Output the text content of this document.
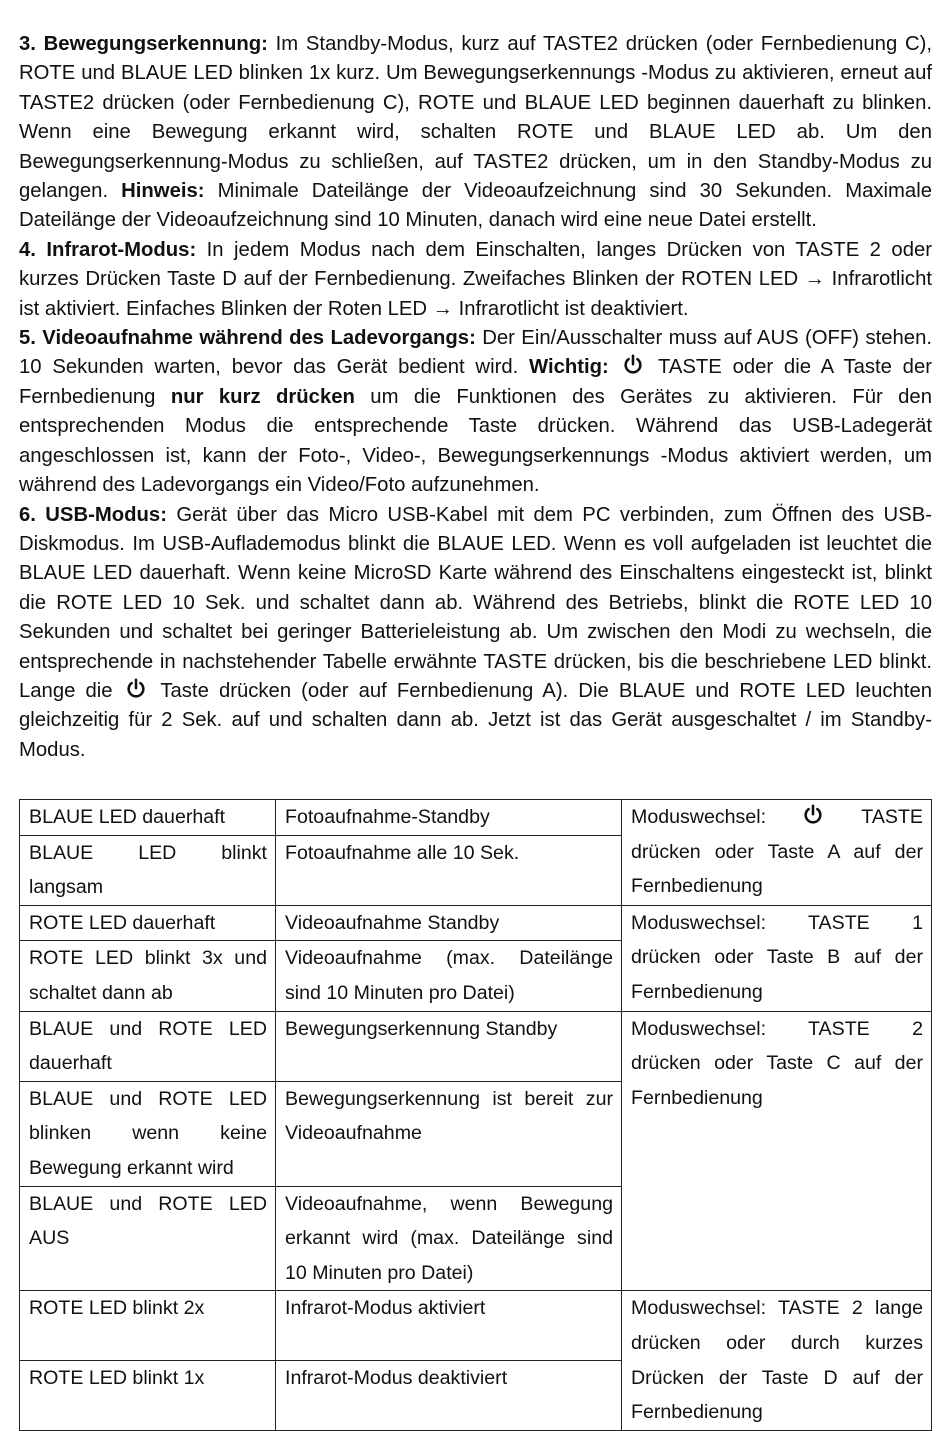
3. Bewegungserkennung: Im Standby-Modus, kurz auf TASTE2 drücken (oder Fernbedienung C), ROTE und BLAUE LED blinken 1x kurz. Um Bewegungserkennungs -Modus zu aktivieren, erneut auf TASTE2 drücken (oder Fernbedienung C), ROTE und BLAUE LED beginnen dauerhaft zu blinken. Wenn eine Bewegung erkannt wird, schalten ROTE und BLAUE LED ab. Um den Bewegungserkennung-Modus zu schließen, auf TASTE2 drücken, um in den Standby-Modus zu gelangen. Hinweis: Minimale Dateilänge der Videoaufzeichnung sind 30 Sekunden. Maximale Dateilänge der Videoaufzeichnung sind 10 Minuten, danach wird eine neue Datei erstellt.

4. Infrarot-Modus: In jedem Modus nach dem Einschalten, langes Drücken von TASTE 2 oder kurzes Drücken Taste D auf der Fernbedienung. Zweifaches Blinken der ROTEN LED → Infrarotlicht ist aktiviert. Einfaches Blinken der Roten LED → Infrarotlicht ist deaktiviert.

5. Videoaufnahme während des Ladevorgangs: Der Ein/Ausschalter muss auf AUS (OFF) stehen. 10 Sekunden warten, bevor das Gerät bedient wird. Wichtig:  TASTE oder die A Taste der Fernbedienung nur kurz drücken um die Funktionen des Gerätes zu aktivieren. Für den entsprechenden Modus die entsprechende Taste drücken. Während das USB-Ladegerät angeschlossen ist, kann der Foto-, Video-, Bewegungserkennungs -Modus aktiviert werden, um während des Ladevorgangs ein Video/Foto aufzunehmen.

6. USB-Modus: Gerät über das Micro USB-Kabel mit dem PC verbinden, zum Öffnen des USB-Diskmodus. Im USB-Auflademodus blinkt die BLAUE LED. Wenn es voll aufgeladen ist leuchtet die BLAUE LED dauerhaft. Wenn keine MicroSD Karte während des Einschaltens eingesteckt ist, blinkt die ROTE LED 10 Sek. und schaltet dann ab. Während des Betriebs, blinkt die ROTE LED 10 Sekunden und schaltet bei geringer Batterieleistung ab. Um zwischen den Modi zu wechseln, die entsprechende in nachstehender Tabelle erwähnte TASTE drücken, bis die beschriebene LED blinkt. Lange die  Taste drücken (oder auf Fernbedienung A). Die BLAUE und ROTE LED leuchten gleichzeitig für 2 Sek. auf und schalten dann ab. Jetzt ist das Gerät ausgeschaltet / im Standby-Modus.

BLAUE LED dauerhaft	Fotoaufnahme-Standby	Moduswechsel: TASTE drücken oder Taste A auf der Fernbedienung
BLAUE LED blinkt langsam	Fotoaufnahme alle 10 Sek.	
ROTE LED dauerhaft	Videoaufnahme Standby	Moduswechsel: TASTE 1 drücken oder Taste B auf der Fernbedienung
ROTE LED blinkt 3x und schaltet dann ab	Videoaufnahme (max. Dateilänge sind 10 Minuten pro Datei)	
BLAUE und ROTE LED dauerhaft	Bewegungserkennung Standby	Moduswechsel: TASTE 2 drücken oder Taste C auf der Fernbedienung
BLAUE und ROTE LED blinken wenn keine Bewegung erkannt wird	Bewegungserkennung ist bereit zur Videoaufnahme	
BLAUE und ROTE LED AUS	Videoaufnahme, wenn Bewegung erkannt wird (max. Dateilänge sind 10 Minuten pro Datei)	
ROTE LED blinkt 2x	Infrarot-Modus aktiviert	Moduswechsel: TASTE 2 lange drücken oder durch kurzes Drücken der Taste D auf der Fernbedienung
ROTE LED blinkt 1x	Infrarot-Modus deaktiviert	
